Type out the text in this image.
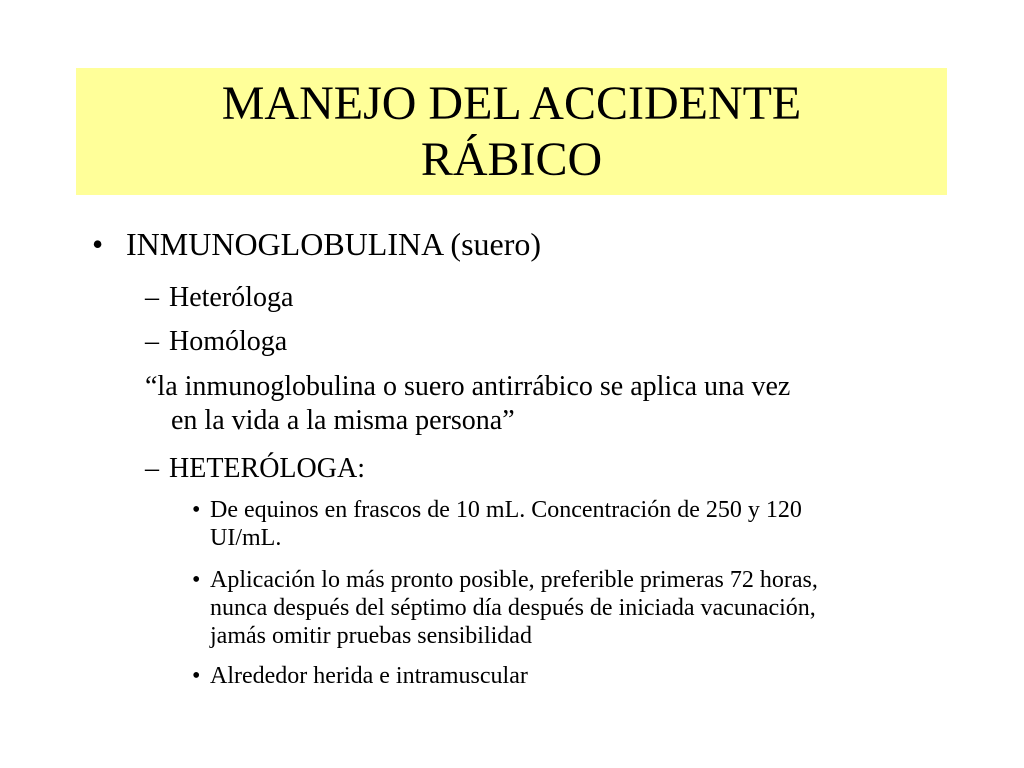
MANEJO DEL ACCIDENTE
RÁBICO
• INMUNOGLOBULINA (suero)
– Heteróloga
– Homóloga
“la inmunoglobulina o suero antirrábico se aplica una vez
en la vida a la misma persona”
– HETERÓLOGA:
• De equinos en frascos de 10 mL. Concentración de 250 y 120
UI/mL.
• Aplicación lo más pronto posible, preferible primeras 72 horas,
nunca después del séptimo día después de iniciada vacunación,
jamás omitir pruebas sensibilidad
• Alrededor herida e intramuscular
